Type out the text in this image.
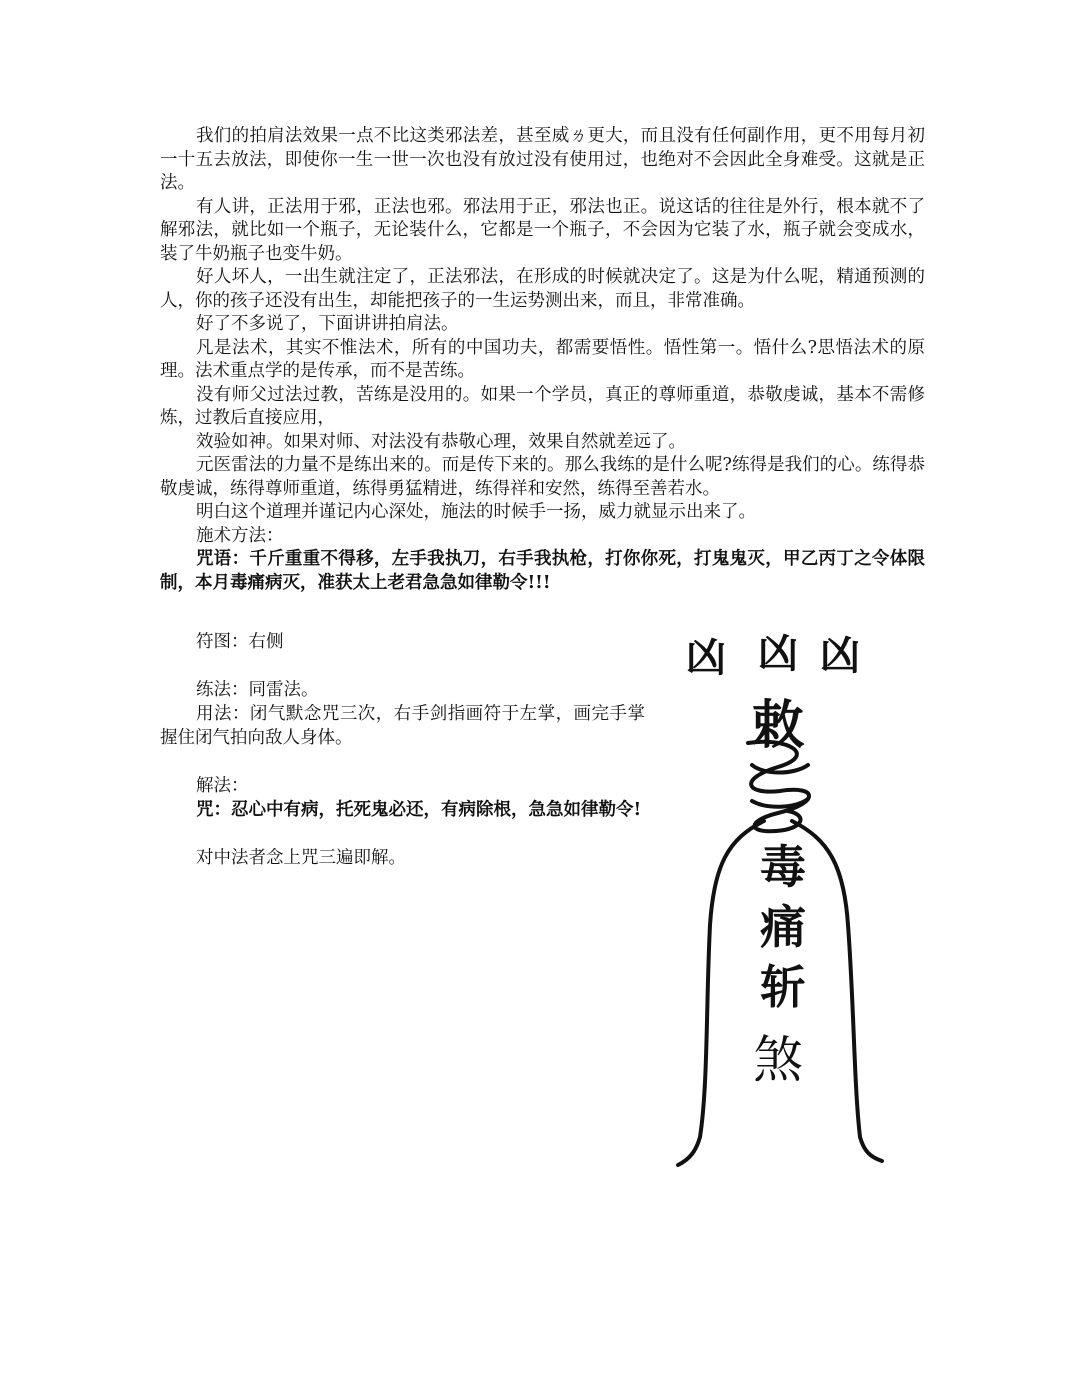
我们的拍肩法效果一点不比这类邪法差，甚至威ㄌ更大，而且没有任何副作用，更不用每月初一十五去放法，即使你一生一世一次也没有放过没有使用过，也绝对不会因此全身难受。这就是正法。

有人讲，正法用于邪，正法也邪。邪法用于正，邪法也正。说这话的往往是外行，根本就不了解邪法，就比如一个瓶子，无论装什么，它都是一个瓶子，不会因为它装了水，瓶子就会变成水，装了牛奶瓶子也变牛奶。

好人坏人，一出生就注定了，正法邪法，在形成的时候就决定了。这是为什么呢，精通预测的人，你的孩子还没有出生，却能把孩子的一生运势测出来，而且，非常准确。

好了不多说了，下面讲讲拍肩法。

凡是法术，其实不惟法术，所有的中国功夫，都需要悟性。悟性第一。悟什么?思悟法术的原理。法术重点学的是传承，而不是苦练。

没有师父过法过教，苦练是没用的。如果一个学员，真正的尊师重道，恭敬虔诚，基本不需修炼，过教后直接应用，

效验如神。如果对师、对法没有恭敬心理，效果自然就差远了。

元医雷法的力量不是练出来的。而是传下来的。那么我练的是什么呢?练得是我们的心。练得恭敬虔诚，练得尊师重道，练得勇猛精进，练得祥和安然，练得至善若水。

明白这个道理并谨记内心深处，施法的时候手一扬，威力就显示出来了。

施术方法：

咒语：千斤重重不得移，左手我执刀，右手我执枪，打你你死，打鬼鬼灭，甲乙丙丁之令体限制，本月毒痛病灭，准获太上老君急急如律勒令!!!

符图：右侧

练法：同雷法。

用法：闭气默念咒三次，右手剑指画符于左掌，画完手掌握住闭气拍向敌人身体。

解法：

咒：忍心中有病，托死鬼必还，有病除根，急急如律勒令!

对中法者念上咒三遍即解。

凶 凶 凶
敕
毒
痛
斩
煞
